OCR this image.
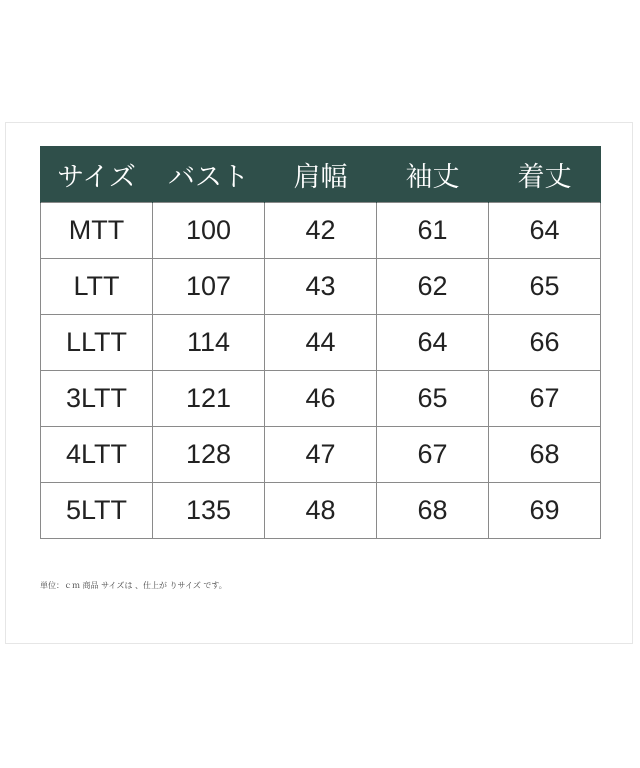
サイズ	バスト	肩幅	袖丈	着丈
MTT	100	42	61	64
LTT	107	43	62	65
LLTT	114	44	64	66
3LTT	121	46	65	67
4LTT	128	47	67	68
5LTT	135	48	68	69
単位：ｃｍ 商品 サイズは 、仕上が りサイズ です。
